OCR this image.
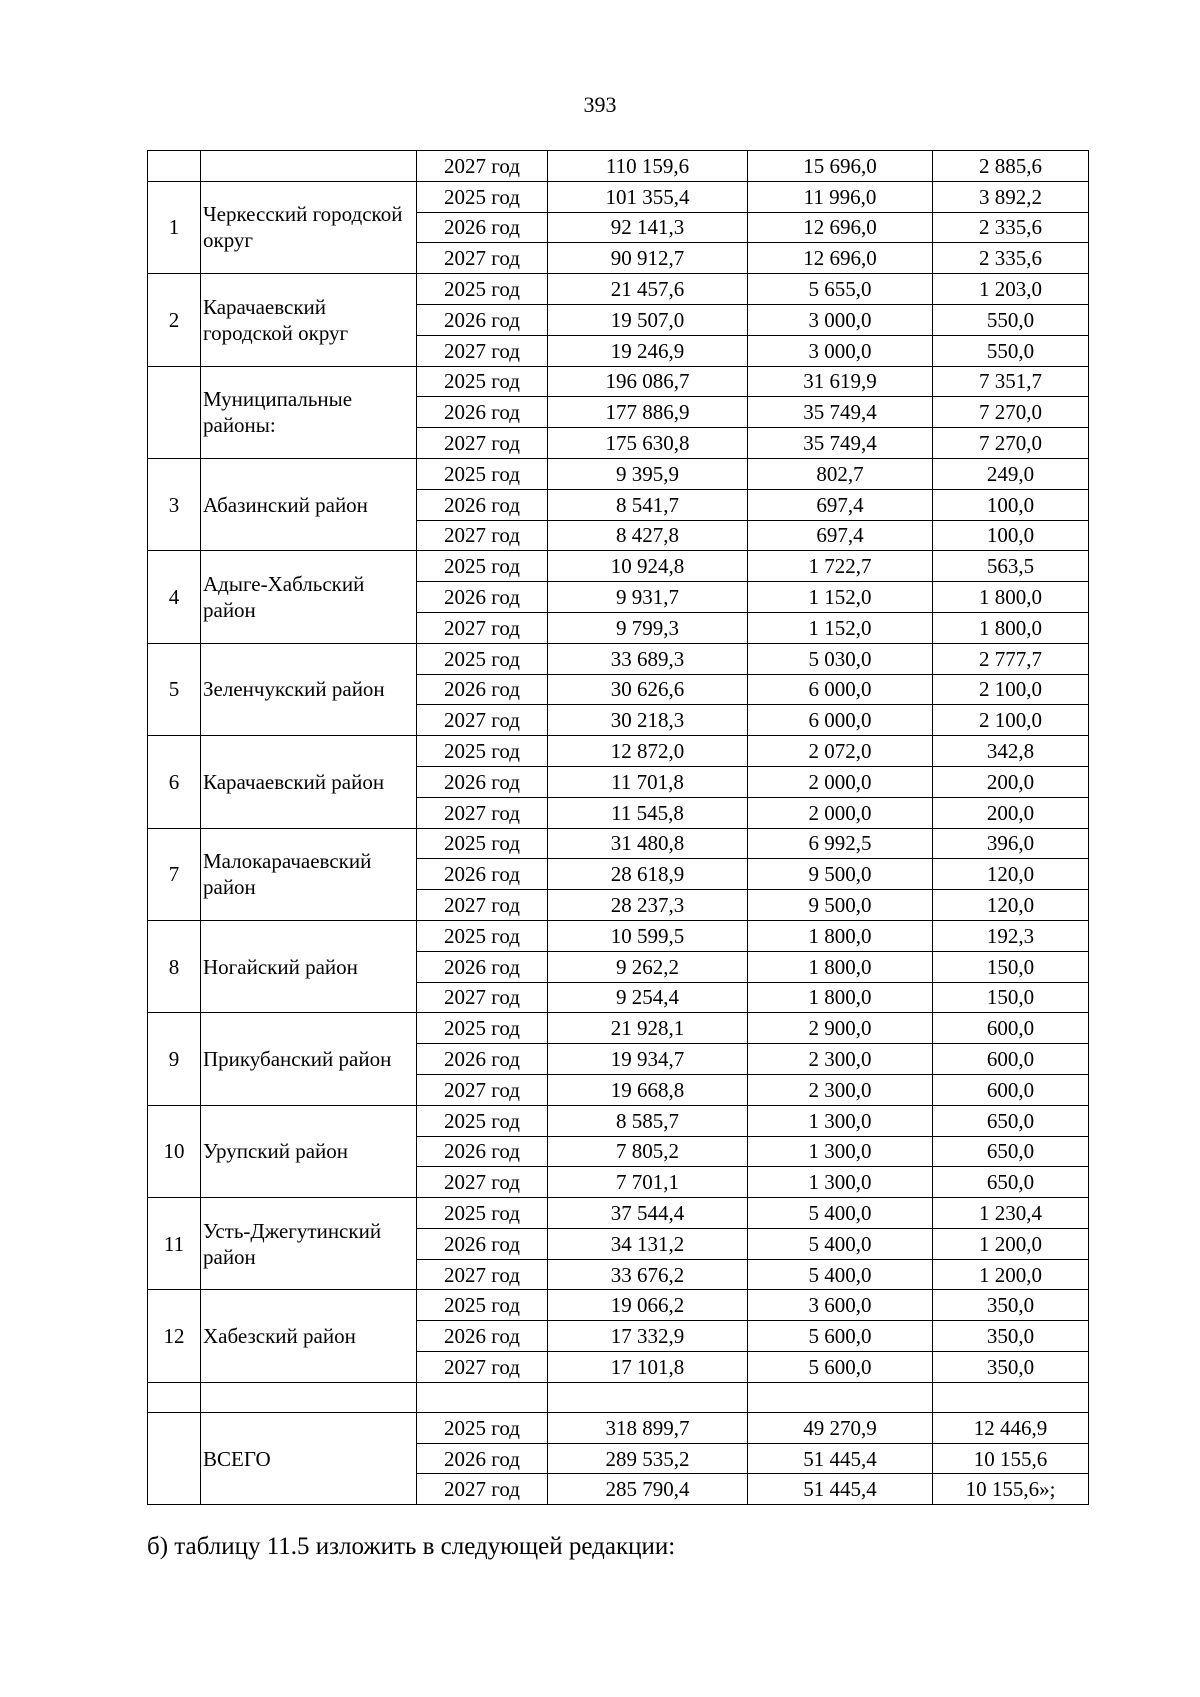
393
		2027 год	110 159,6	15 696,0	2 885,6
1	Черкесский городской округ	2025 год	101 355,4	11 996,0	3 892,2
		2026 год	92 141,3	12 696,0	2 335,6
		2027 год	90 912,7	12 696,0	2 335,6
2	Карачаевский городской округ	2025 год	21 457,6	5 655,0	1 203,0
		2026 год	19 507,0	3 000,0	550,0
		2027 год	19 246,9	3 000,0	550,0
	Муниципальные районы:	2025 год	196 086,7	31 619,9	7 351,7
		2026 год	177 886,9	35 749,4	7 270,0
		2027 год	175 630,8	35 749,4	7 270,0
3	Абазинский район	2025 год	9 395,9	802,7	249,0
		2026 год	8 541,7	697,4	100,0
		2027 год	8 427,8	697,4	100,0
4	Адыге-Хабльский район	2025 год	10 924,8	1 722,7	563,5
		2026 год	9 931,7	1 152,0	1 800,0
		2027 год	9 799,3	1 152,0	1 800,0
5	Зеленчукский район	2025 год	33 689,3	5 030,0	2 777,7
		2026 год	30 626,6	6 000,0	2 100,0
		2027 год	30 218,3	6 000,0	2 100,0
6	Карачаевский район	2025 год	12 872,0	2 072,0	342,8
		2026 год	11 701,8	2 000,0	200,0
		2027 год	11 545,8	2 000,0	200,0
7	Малокарачаевский район	2025 год	31 480,8	6 992,5	396,0
		2026 год	28 618,9	9 500,0	120,0
		2027 год	28 237,3	9 500,0	120,0
8	Ногайский район	2025 год	10 599,5	1 800,0	192,3
		2026 год	9 262,2	1 800,0	150,0
		2027 год	9 254,4	1 800,0	150,0
9	Прикубанский район	2025 год	21 928,1	2 900,0	600,0
		2026 год	19 934,7	2 300,0	600,0
		2027 год	19 668,8	2 300,0	600,0
10	Урупский район	2025 год	8 585,7	1 300,0	650,0
		2026 год	7 805,2	1 300,0	650,0
		2027 год	7 701,1	1 300,0	650,0
11	Усть-Джегутинский район	2025 год	37 544,4	5 400,0	1 230,4
		2026 год	34 131,2	5 400,0	1 200,0
		2027 год	33 676,2	5 400,0	1 200,0
12	Хабезский район	2025 год	19 066,2	3 600,0	350,0
		2026 год	17 332,9	5 600,0	350,0
		2027 год	17 101,8	5 600,0	350,0

	ВСЕГО	2025 год	318 899,7	49 270,9	12 446,9
		2026 год	289 535,2	51 445,4	10 155,6
		2027 год	285 790,4	51 445,4	10 155,6»;
б) таблицу 11.5 изложить в следующей редакции:
